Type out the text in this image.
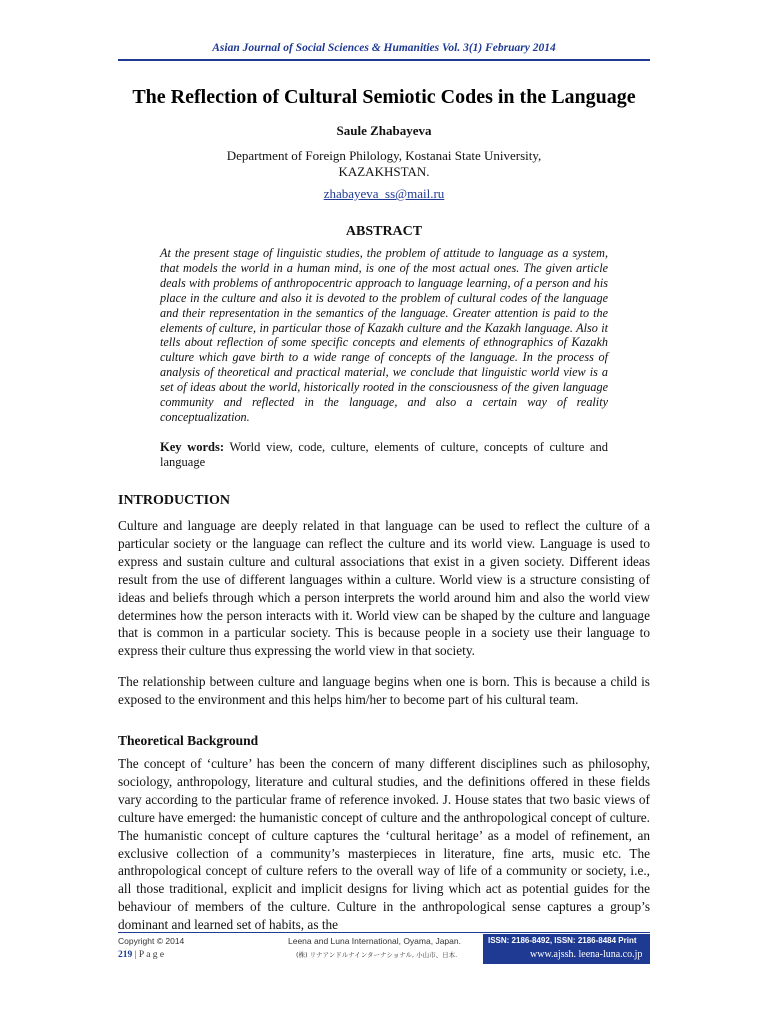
Asian Journal of Social Sciences & Humanities Vol. 3(1) February 2014
The Reflection of Cultural Semiotic Codes in the Language
Saule Zhabayeva
Department of Foreign Philology, Kostanai State University,
KAZAKHSTAN.
zhabayeva_ss@mail.ru
ABSTRACT
At the present stage of linguistic studies, the problem of attitude to language as a system, that models the world in a human mind, is one of the most actual ones. The given article deals with problems of anthropocentric approach to language learning, of a person and his place in the culture and also it is devoted to the problem of cultural codes of the language and their representation in the semantics of the language. Greater attention is paid to the elements of culture, in particular those of Kazakh culture and the Kazakh language. Also it tells about reflection of some specific concepts and elements of ethnographics of Kazakh culture which gave birth to a wide range of concepts of the language. In the process of analysis of theoretical and practical material, we conclude that linguistic world view is a set of ideas about the world, historically rooted in the consciousness of the given language community and reflected in the language, and also a certain way of reality conceptualization.
Key words: World view, code, culture, elements of culture, concepts of culture and language
INTRODUCTION
Culture and language are deeply related in that language can be used to reflect the culture of a particular society or the language can reflect the culture and its world view. Language is used to express and sustain culture and cultural associations that exist in a given society. Different ideas result from the use of different languages within a culture. World view is a structure consisting of ideas and beliefs through which a person interprets the world around him and also the world view determines how the person interacts with it. World view can be shaped by the culture and language that is common in a particular society. This is because people in a society use their language to express their culture thus expressing the world view in that society.
The relationship between culture and language begins when one is born. This is because a child is exposed to the environment and this helps him/her to become part of his cultural team.
Theoretical Background
The concept of ‘culture’ has been the concern of many different disciplines such as philosophy, sociology, anthropology, literature and cultural studies, and the definitions offered in these fields vary according to the particular frame of reference invoked. J. House states that two basic views of culture have emerged: the humanistic concept of culture and the anthropological concept of culture. The humanistic concept of culture captures the ‘cultural heritage’ as a model of refinement, an exclusive collection of a community’s masterpieces in literature, fine arts, music etc. The anthropological concept of culture refers to the overall way of life of a community or society, i.e., all those traditional, explicit and implicit designs for living which act as potential guides for the behaviour of members of the culture. Culture in the anthropological sense captures a group’s dominant and learned set of habits, as the
Copyright © 2014
219 | P a g e
Leena and Luna International, Oyama, Japan.
(株) リナアンドルナインターナショナル, 小山市、日本.
ISSN: 2186-8492, ISSN: 2186-8484 Print
www.ajssh. leena-luna.co.jp
